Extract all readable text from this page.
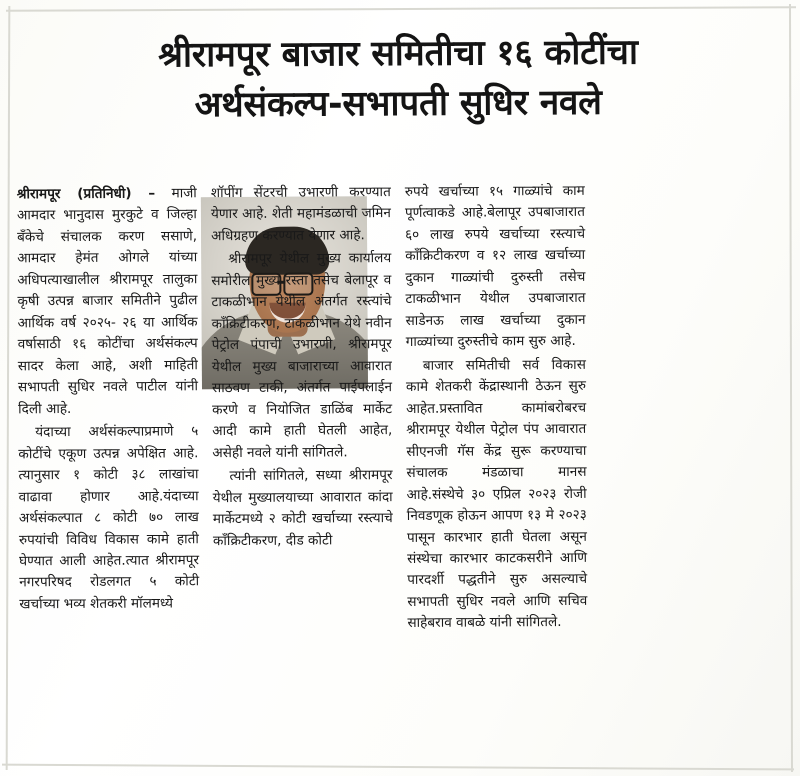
श्रीरामपूर बाजार समितीचा १६ कोटींचा
अर्थसंकल्प-सभापती सुधिर नवले

श्रीरामपूर (प्रतिनिधी) – माजी आमदार भानुदास मुरकुटे व जिल्हा बँकेचे संचालक करण ससाणे, आमदार हेमंत ओगले यांच्या अधिपत्याखालील श्रीरामपूर तालुका कृषी उत्पन्न बाजार समितीने पुढील आर्थिक वर्ष २०२५- २६ या आर्थिक वर्षासाठी १६ कोटींचा अर्थसंकल्प सादर केला आहे, अशी माहिती सभापती सुधिर नवले पाटील यांनी दिली आहे.

यंदाच्या अर्थसंकल्पाप्रमाणे ५ कोटींचे एकूण उत्पन्न अपेक्षित आहे. त्यानुसार १ कोटी ३८ लाखांचा वाढावा होणार आहे.यंदाच्या अर्थसंकल्पात ८ कोटी ७० लाख रुपयांची विविध विकास कामे हाती घेण्यात आली आहेत.त्यात श्रीरामपूर नगरपरिषद रोडलगत ५ कोटी खर्चाच्या भव्य शेतकरी मॉलमध्ये

शॉपींग सेंटरची उभारणी करण्यात येणार आहे. शेती महामंडळाची जमिन अधिग्रहण करण्यात येणार आहे.

श्रीरामपूर येथील मुख्य कार्यालय समोरील मुख्य रस्ता तसेच बेलापूर व टाकळीभान येथील अंतर्गत रस्त्यांचे काँक्रिटीकरण, टाकळीभान येथे नवीन पेट्रोल पंपाची उभारणी, श्रीरामपूर येथील मुख्य बाजाराच्या आवारात साठवण टाकी, अंतर्गत पाईपलाईन करणे व नियोजित डाळिंब मार्केट आदी कामे हाती घेतली आहेत, असेही नवले यांनी सांगितले.

त्यांनी सांगितले, सध्या श्रीरामपूर येथील मुख्यालयाच्या आवारात कांदा मार्केटमध्ये २ कोटी खर्चाच्या रस्त्याचे काँक्रिटीकरण, दीड कोटी

रुपये खर्चाच्या १५ गाळ्यांचे काम पूर्णत्वाकडे आहे.बेलापूर उपबाजारात ६० लाख रुपये खर्चाच्या रस्त्याचे काँक्रिटीकरण व १२ लाख खर्चाच्या दुकान गाळ्यांची दुरुस्ती तसेच टाकळीभान येथील उपबाजारात साडेनऊ लाख खर्चाच्या दुकान गाळ्यांच्या दुरुस्तीचे काम सुरु आहे.

बाजार समितीची सर्व विकास कामे शेतकरी केंद्रास्थानी ठेऊन सुरु आहेत.प्रस्तावित कामांबरोबरच श्रीरामपूर येथील पेट्रोल पंप आवारात सीएनजी गॅस केंद्र सुरू करण्याचा संचालक मंडळाचा मानस आहे.संस्थेचे ३० एप्रिल २०२३ रोजी निवडणूक होऊन आपण १३ मे २०२३ पासून कारभार हाती घेतला असून संस्थेचा कारभार काटकसरीने आणि पारदर्शी पद्धतीने सुरु असल्याचे सभापती सुधिर नवले आणि सचिव साहेबराव वाबळे यांनी सांगितले.
